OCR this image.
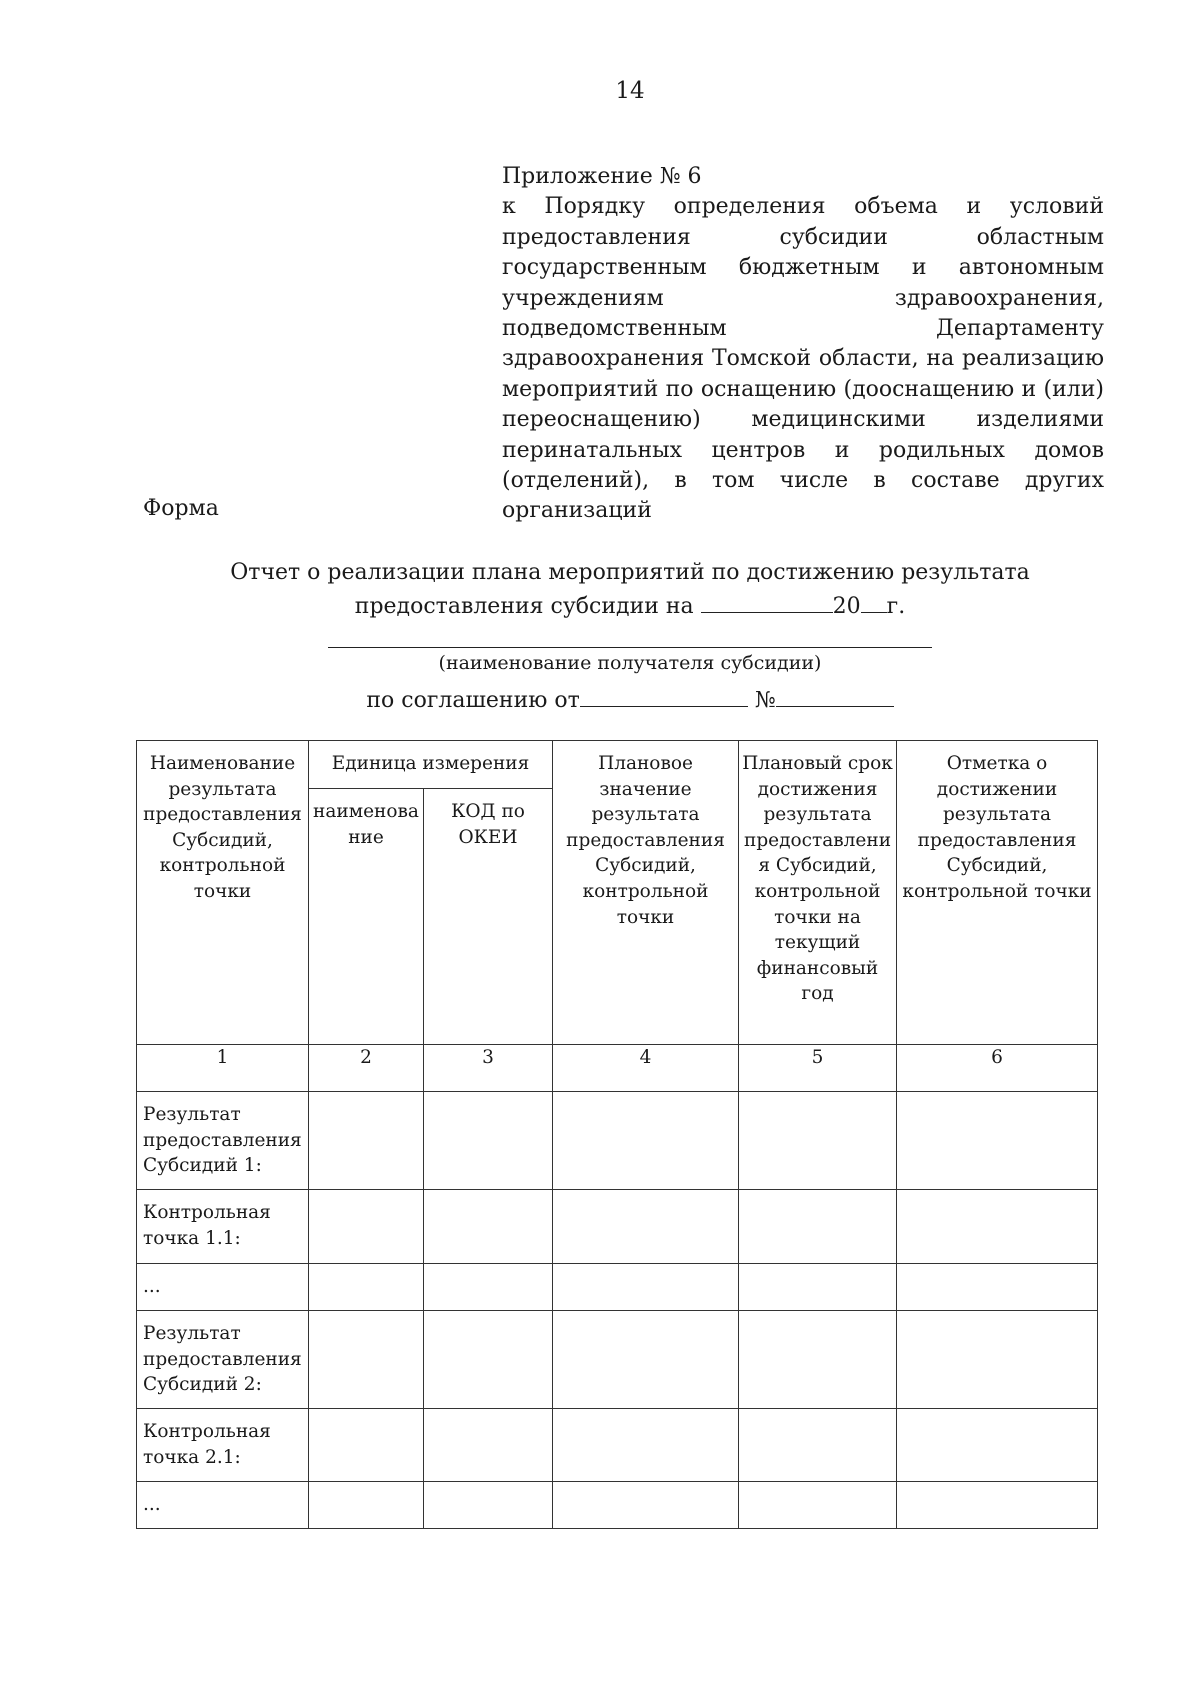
14
Приложение № 6
к Порядку определения объема и условий предоставления субсидии областным государственным бюджетным и автономным учреждениям здравоохранения, подведомственным Департаменту здравоохранения Томской области, на реализацию мероприятий по оснащению (дооснащению и (или) переоснащению) медицинскими изделиями перинатальных центров и родильных домов (отделений), в том числе в составе других организаций
Форма
Отчет о реализации плана мероприятий по достижению результата
предоставления субсидии на	20 г.
(наименование получателя субсидии)
по соглашению от	№
Наименование результата предоставления Субсидий, контрольной точки	Единица измерения		Плановое значение результата предоставления Субсидий, контрольной точки	Плановый срок достижения результата предоставлени я Субсидий, контрольной точки на текущий финансовый год	Отметка о достижении результата предоставления Субсидий, контрольной точки
	наименова ние	КОД по ОКЕИ			
1	2	3	4	5	6
Результат предоставления Субсидий 1:					
Контрольная точка 1.1:					
...					
Результат предоставления Субсидий 2:					
Контрольная точка 2.1:					
...					
